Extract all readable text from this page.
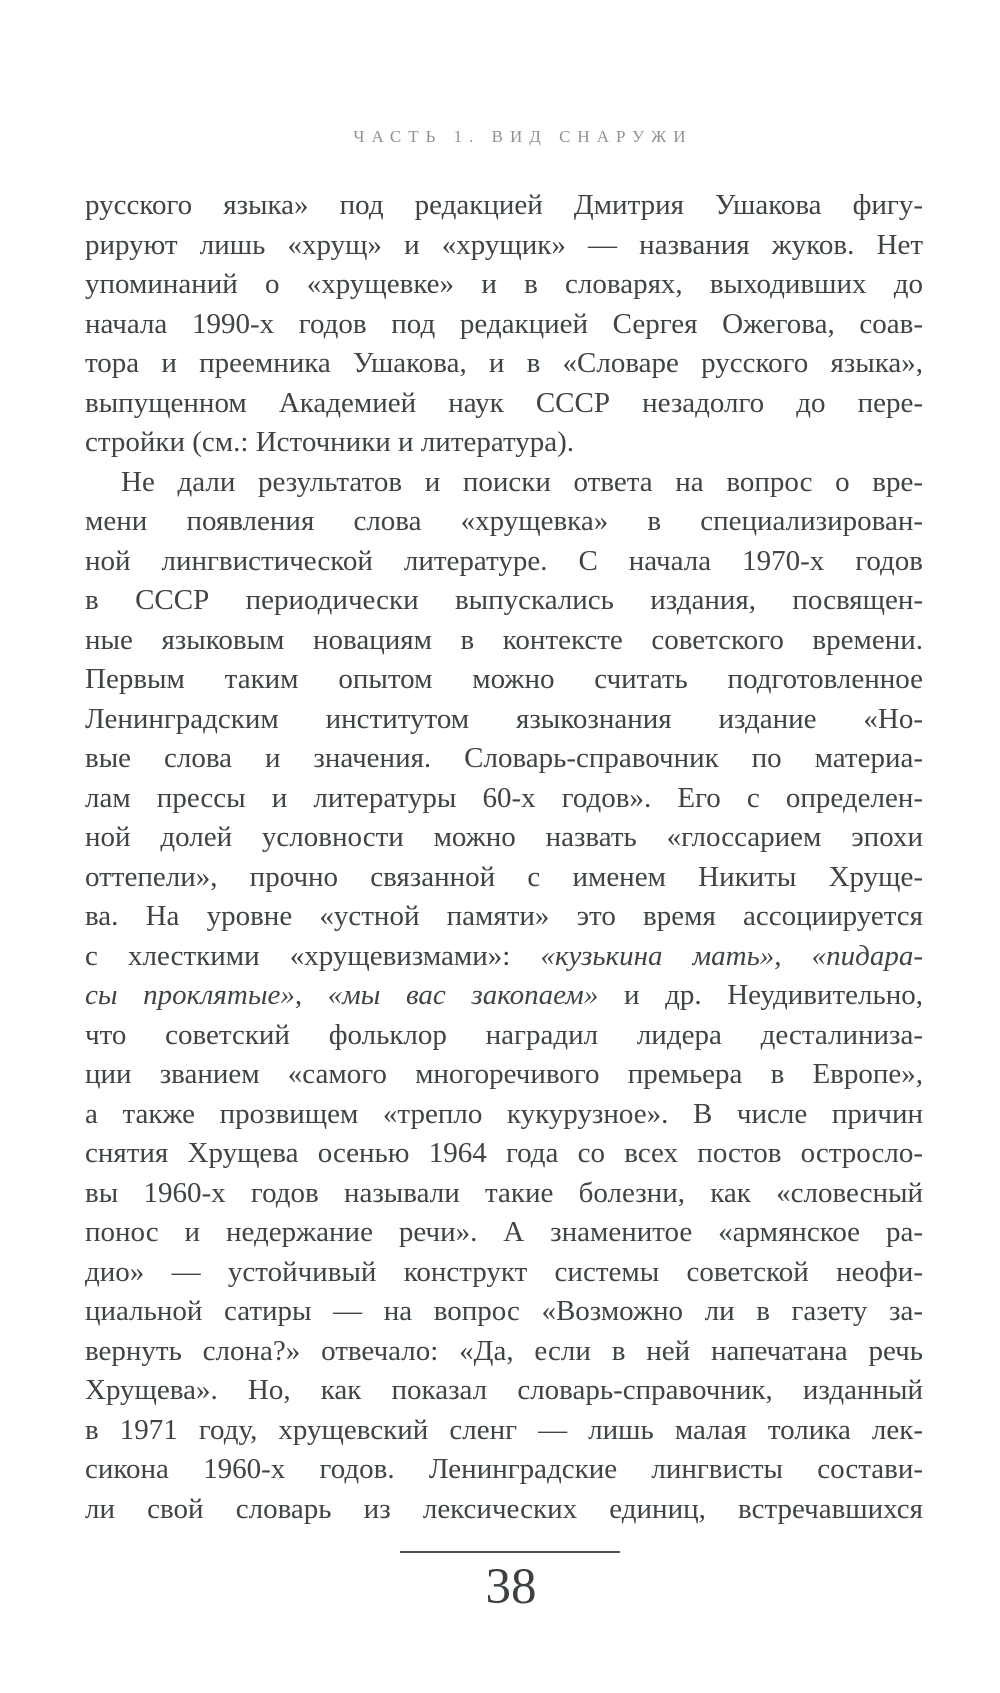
ЧАСТЬ 1. ВИД СНАРУЖИ
русского языка» под редакцией Дмитрия Ушакова фигу-
рируют лишь «хрущ» и «хрущик» — названия жуков. Нет
упоминаний о «хрущевке» и в словарях, выходивших до
начала 1990-х годов под редакцией Сергея Ожегова, соав-
тора и преемника Ушакова, и в «Словаре русского языка»,
выпущенном Академией наук СССР незадолго до пере-
стройки (см.: Источники и литература).
Не дали результатов и поиски ответа на вопрос о вре-
мени появления слова «хрущевка» в специализирован-
ной лингвистической литературе. С начала 1970-х годов
в СССР периодически выпускались издания, посвящен-
ные языковым новациям в контексте советского времени.
Первым таким опытом можно считать подготовленное
Ленинградским институтом языкознания издание «Но-
вые слова и значения. Словарь-справочник по материа-
лам прессы и литературы 60-х годов». Его с определен-
ной долей условности можно назвать «глоссарием эпохи
оттепели», прочно связанной с именем Никиты Хруще-
ва. На уровне «устной памяти» это время ассоциируется
с хлесткими «хрущевизмами»: «кузькина мать», «пидара-
сы проклятые», «мы вас закопаем» и др. Неудивительно,
что советский фольклор наградил лидера десталиниза-
ции званием «самого многоречивого премьера в Европе»,
а также прозвищем «трепло кукурузное». В числе причин
снятия Хрущева осенью 1964 года со всех постов остросло-
вы 1960-х годов называли такие болезни, как «словесный
понос и недержание речи». А знаменитое «армянское ра-
дио» — устойчивый конструкт системы советской неофи-
циальной сатиры — на вопрос «Возможно ли в газету за-
вернуть слона?» отвечало: «Да, если в ней напечатана речь
Хрущева». Но, как показал словарь-справочник, изданный
в 1971 году, хрущевский сленг — лишь малая толика лек-
сикона 1960-х годов. Ленинградские лингвисты состави-
ли свой словарь из лексических единиц, встречавшихся
38
